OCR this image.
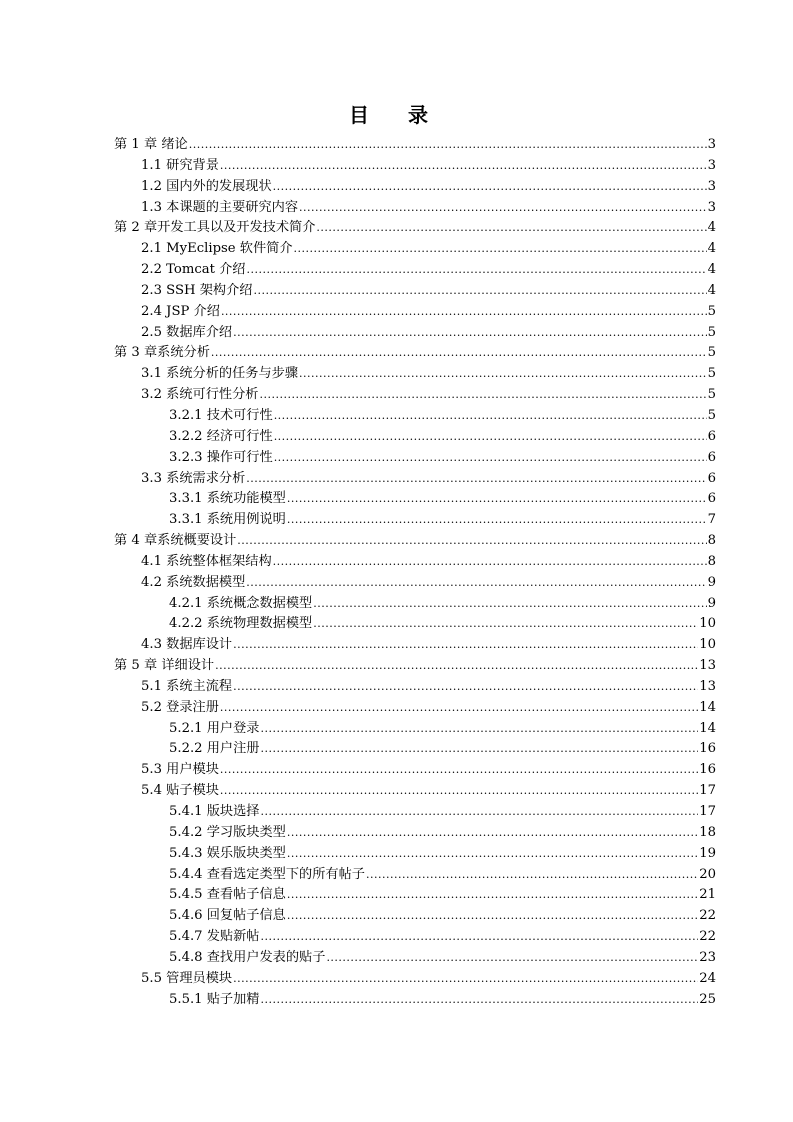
目 录
第 1 章 绪论 .....	3
1.1 研究背景 .....	3
1.2 国内外的发展现状 .....	3
1.3 本课题的主要研究内容 .....	3
第 2 章开发工具以及开发技术简介 .....	4
2.1 MyEclipse 软件简介 .....	4
2.2 Tomcat 介绍 .....	4
2.3 SSH 架构介绍 .....	4
2.4 JSP 介绍 .....	5
2.5 数据库介绍 .....	5
第 3 章系统分析 .....	5
3.1 系统分析的任务与步骤 .....	5
3.2 系统可行性分析 .....	5
3.2.1 技术可行性 .....	5
3.2.2 经济可行性 .....	6
3.2.3 操作可行性 .....	6
3.3 系统需求分析 .....	6
3.3.1 系统功能模型 .....	6
3.3.1 系统用例说明 .....	7
第 4 章系统概要设计 .....	8
4.1 系统整体框架结构 .....	8
4.2 系统数据模型 .....	9
4.2.1 系统概念数据模型 .....	9
4.2.2 系统物理数据模型 .....	10
4.3 数据库设计 .....	10
第 5 章 详细设计 .....	13
5.1 系统主流程 .....	13
5.2 登录注册 .....	14
5.2.1 用户登录 .....	14
5.2.2 用户注册 .....	16
5.3 用户模块 .....	16
5.4 贴子模块 .....	17
5.4.1 版块选择 .....	17
5.4.2 学习版块类型 .....	18
5.4.3 娱乐版块类型 .....	19
5.4.4 查看选定类型下的所有帖子 .....	20
5.4.5 查看帖子信息 .....	21
5.4.6 回复帖子信息 .....	22
5.4.7 发贴新帖 .....	22
5.4.8 查找用户发表的贴子 .....	23
5.5 管理员模块 .....	24
5.5.1 贴子加精 .....	25
